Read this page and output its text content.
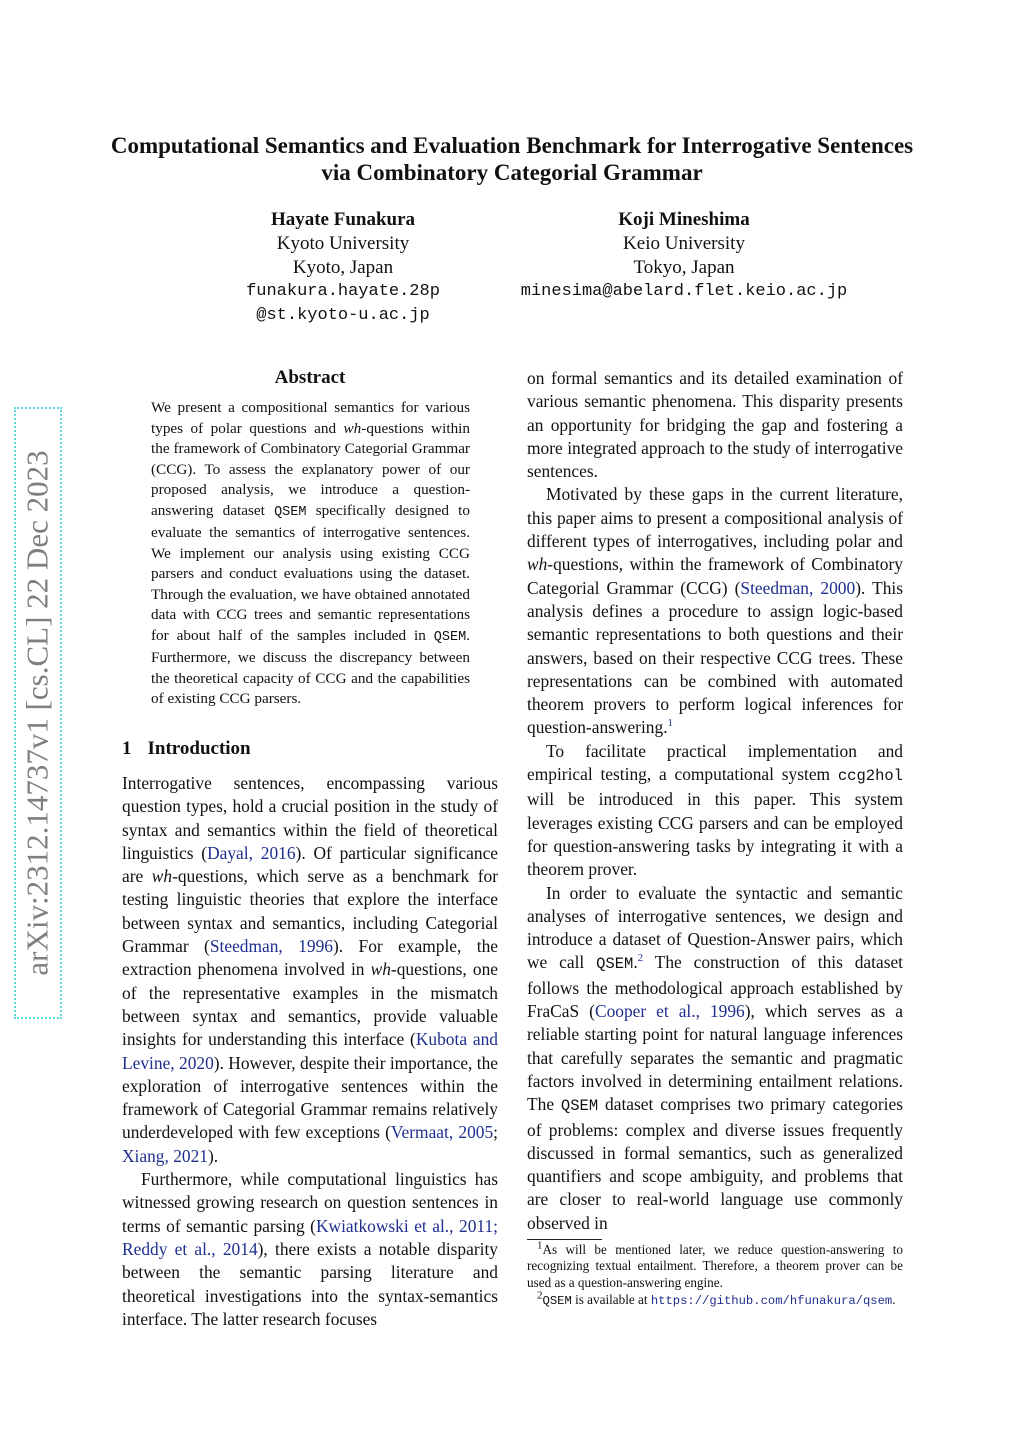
Computational Semantics and Evaluation Benchmark for Interrogative Sentences via Combinatory Categorial Grammar
Hayate Funakura
Kyoto University
Kyoto, Japan
funakura.hayate.28p
@st.kyoto-u.ac.jp
Koji Mineshima
Keio University
Tokyo, Japan
minesima@abelard.flet.keio.ac.jp
arXiv:2312.14737v1 [cs.CL] 22 Dec 2023
Abstract
We present a compositional semantics for various types of polar questions and wh-questions within the framework of Combinatory Categorial Grammar (CCG). To assess the explanatory power of our proposed analysis, we introduce a question-answering dataset QSEM specifically designed to evaluate the semantics of interrogative sentences. We implement our analysis using existing CCG parsers and conduct evaluations using the dataset. Through the evaluation, we have obtained annotated data with CCG trees and semantic representations for about half of the samples included in QSEM. Furthermore, we discuss the discrepancy between the theoretical capacity of CCG and the capabilities of existing CCG parsers.
1 Introduction

Interrogative sentences, encompassing various question types, hold a crucial position in the study of syntax and semantics within the field of theoretical linguistics (Dayal, 2016). Of particular significance are wh-questions, which serve as a benchmark for testing linguistic theories that explore the interface between syntax and semantics, including Categorial Grammar (Steedman, 1996). For example, the extraction phenomena involved in wh-questions, one of the representative examples in the mismatch between syntax and semantics, provide valuable insights for understanding this interface (Kubota and Levine, 2020). However, despite their importance, the exploration of interrogative sentences within the framework of Categorial Grammar remains relatively underdeveloped with few exceptions (Vermaat, 2005; Xiang, 2021).

Furthermore, while computational linguistics has witnessed growing research on question sentences in terms of semantic parsing (Kwiatkowski et al., 2011; Reddy et al., 2014), there exists a notable disparity between the semantic parsing literature and theoretical investigations into the syntax-semantics interface. The latter research focuses

on formal semantics and its detailed examination of various semantic phenomena. This disparity presents an opportunity for bridging the gap and fostering a more integrated approach to the study of interrogative sentences.

Motivated by these gaps in the current literature, this paper aims to present a compositional analysis of different types of interrogatives, including polar and wh-questions, within the framework of Combinatory Categorial Grammar (CCG) (Steedman, 2000). This analysis defines a procedure to assign logic-based semantic representations to both questions and their answers, based on their respective CCG trees. These representations can be combined with automated theorem provers to perform logical inferences for question-answering.$^1$

To facilitate practical implementation and empirical testing, a computational system ccg2hol will be introduced in this paper. This system leverages existing CCG parsers and can be employed for question-answering tasks by integrating it with a theorem prover.

In order to evaluate the syntactic and semantic analyses of interrogative sentences, we design and introduce a dataset of Question-Answer pairs, which we call QSEM.$^2$ The construction of this dataset follows the methodological approach established by FraCaS (Cooper et al., 1996), which serves as a reliable starting point for natural language inferences that carefully separates the semantic and pragmatic factors involved in determining entailment relations. The QSEM dataset comprises two primary categories of problems: complex and diverse issues frequently discussed in formal semantics, such as generalized quantifiers and scope ambiguity, and problems that are closer to real-world language use commonly observed in

$^1$As will be mentioned later, we reduce question-answering to recognizing textual entailment. Therefore, a theorem prover can be used as a question-answering engine.

$^2$QSEM is available at https://github.com/hfunakura/qsem.
